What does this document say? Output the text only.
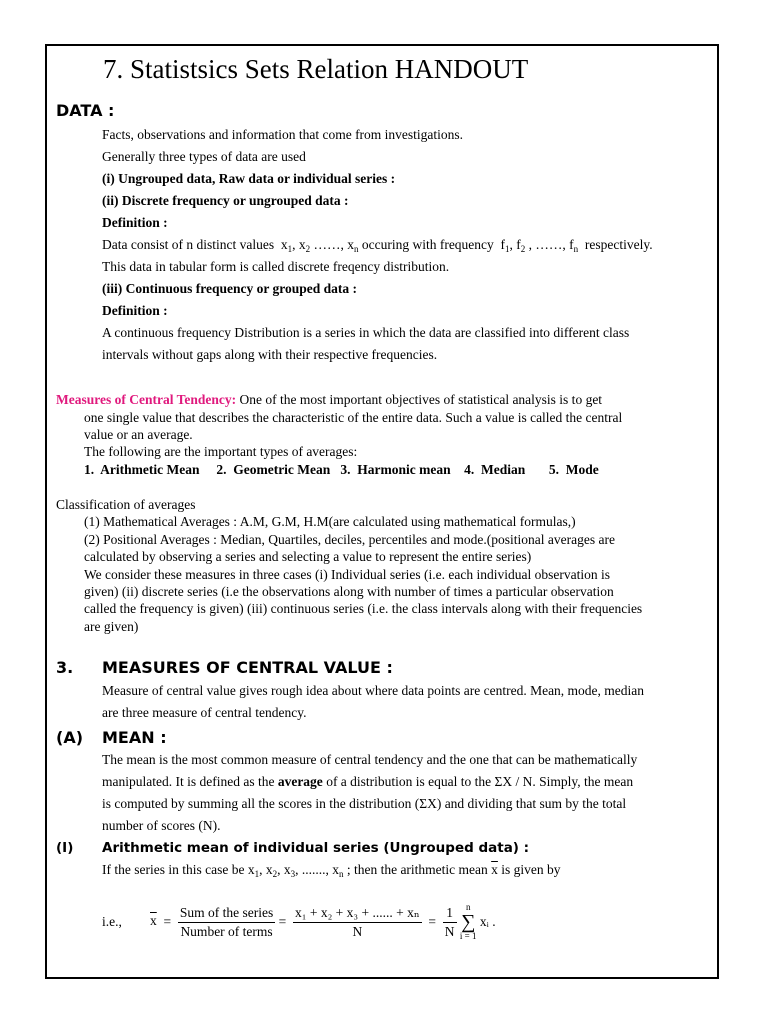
7. Statistsics Sets Relation HANDOUT
DATA :
Facts, observations and information that come from investigations.
Generally three types of data are used
(i) Ungrouped data, Raw data or individual series :
(ii) Discrete frequency or ungrouped data :
Definition :
Data consist of n distinct values $x_1$, $x_2$ ……, $x_n$ occuring with frequency $f_1$, $f_2$ , ……, $f_n$ respectively.
This data in tabular form is called discrete freqency distribution.
(iii) Continuous frequency or grouped data :
Definition :
A continuous frequency Distribution is a series in which the data are classified into different class
intervals without gaps along with their respective frequencies.
Measures of Central Tendency: One of the most important objectives of statistical analysis is to get
one single value that describes the characteristic of the entire data. Such a value is called the central
value or an average.
The following are the important types of averages:
1.  Arithmetic Mean     2.  Geometric Mean   3.  Harmonic mean    4.  Median       5.  Mode
Classification of averages
(1) Mathematical Averages : A.M, G.M, H.M(are calculated using mathematical formulas,)
(2) Positional Averages : Median, Quartiles, deciles, percentiles and mode.(positional averages are
calculated by observing a series and selecting a value to represent the entire series)
We consider these measures in three cases (i) Individual series (i.e. each individual observation is
given) (ii) discrete series (i.e the observations along with number of times a particular observation
called the frequency is given) (iii) continuous series (i.e. the class intervals along with their frequencies
are given)
3. MEASURES OF CENTRAL VALUE :
Measure of central value gives rough idea about where data points are centred. Mean, mode, median
are three measure of central tendency.
(A) MEAN :
The mean is the most common measure of central tendency and the one that can be mathematically
manipulated. It is defined as the average of a distribution is equal to the ΣX / N. Simply, the mean
is computed by summing all the scores in the distribution (ΣX) and dividing that sum by the total
number of scores (N).
(I) Arithmetic mean of individual series (Ungrouped data) :
If the series in this case be $x_1$, $x_2$, $x_3$, ......., $x_n$ ; then the arithmetic mean $\overline{x}$ is given by
i.e., $\overline{x} = \frac{\text{Sum of the series}}{\text{Number of terms}} = \frac{\text{x₁ + x₂ + x₃ + ...... + xₙ}}{N} = \frac{1}{N}$
	n
∑
i = 1
xᵢ .
